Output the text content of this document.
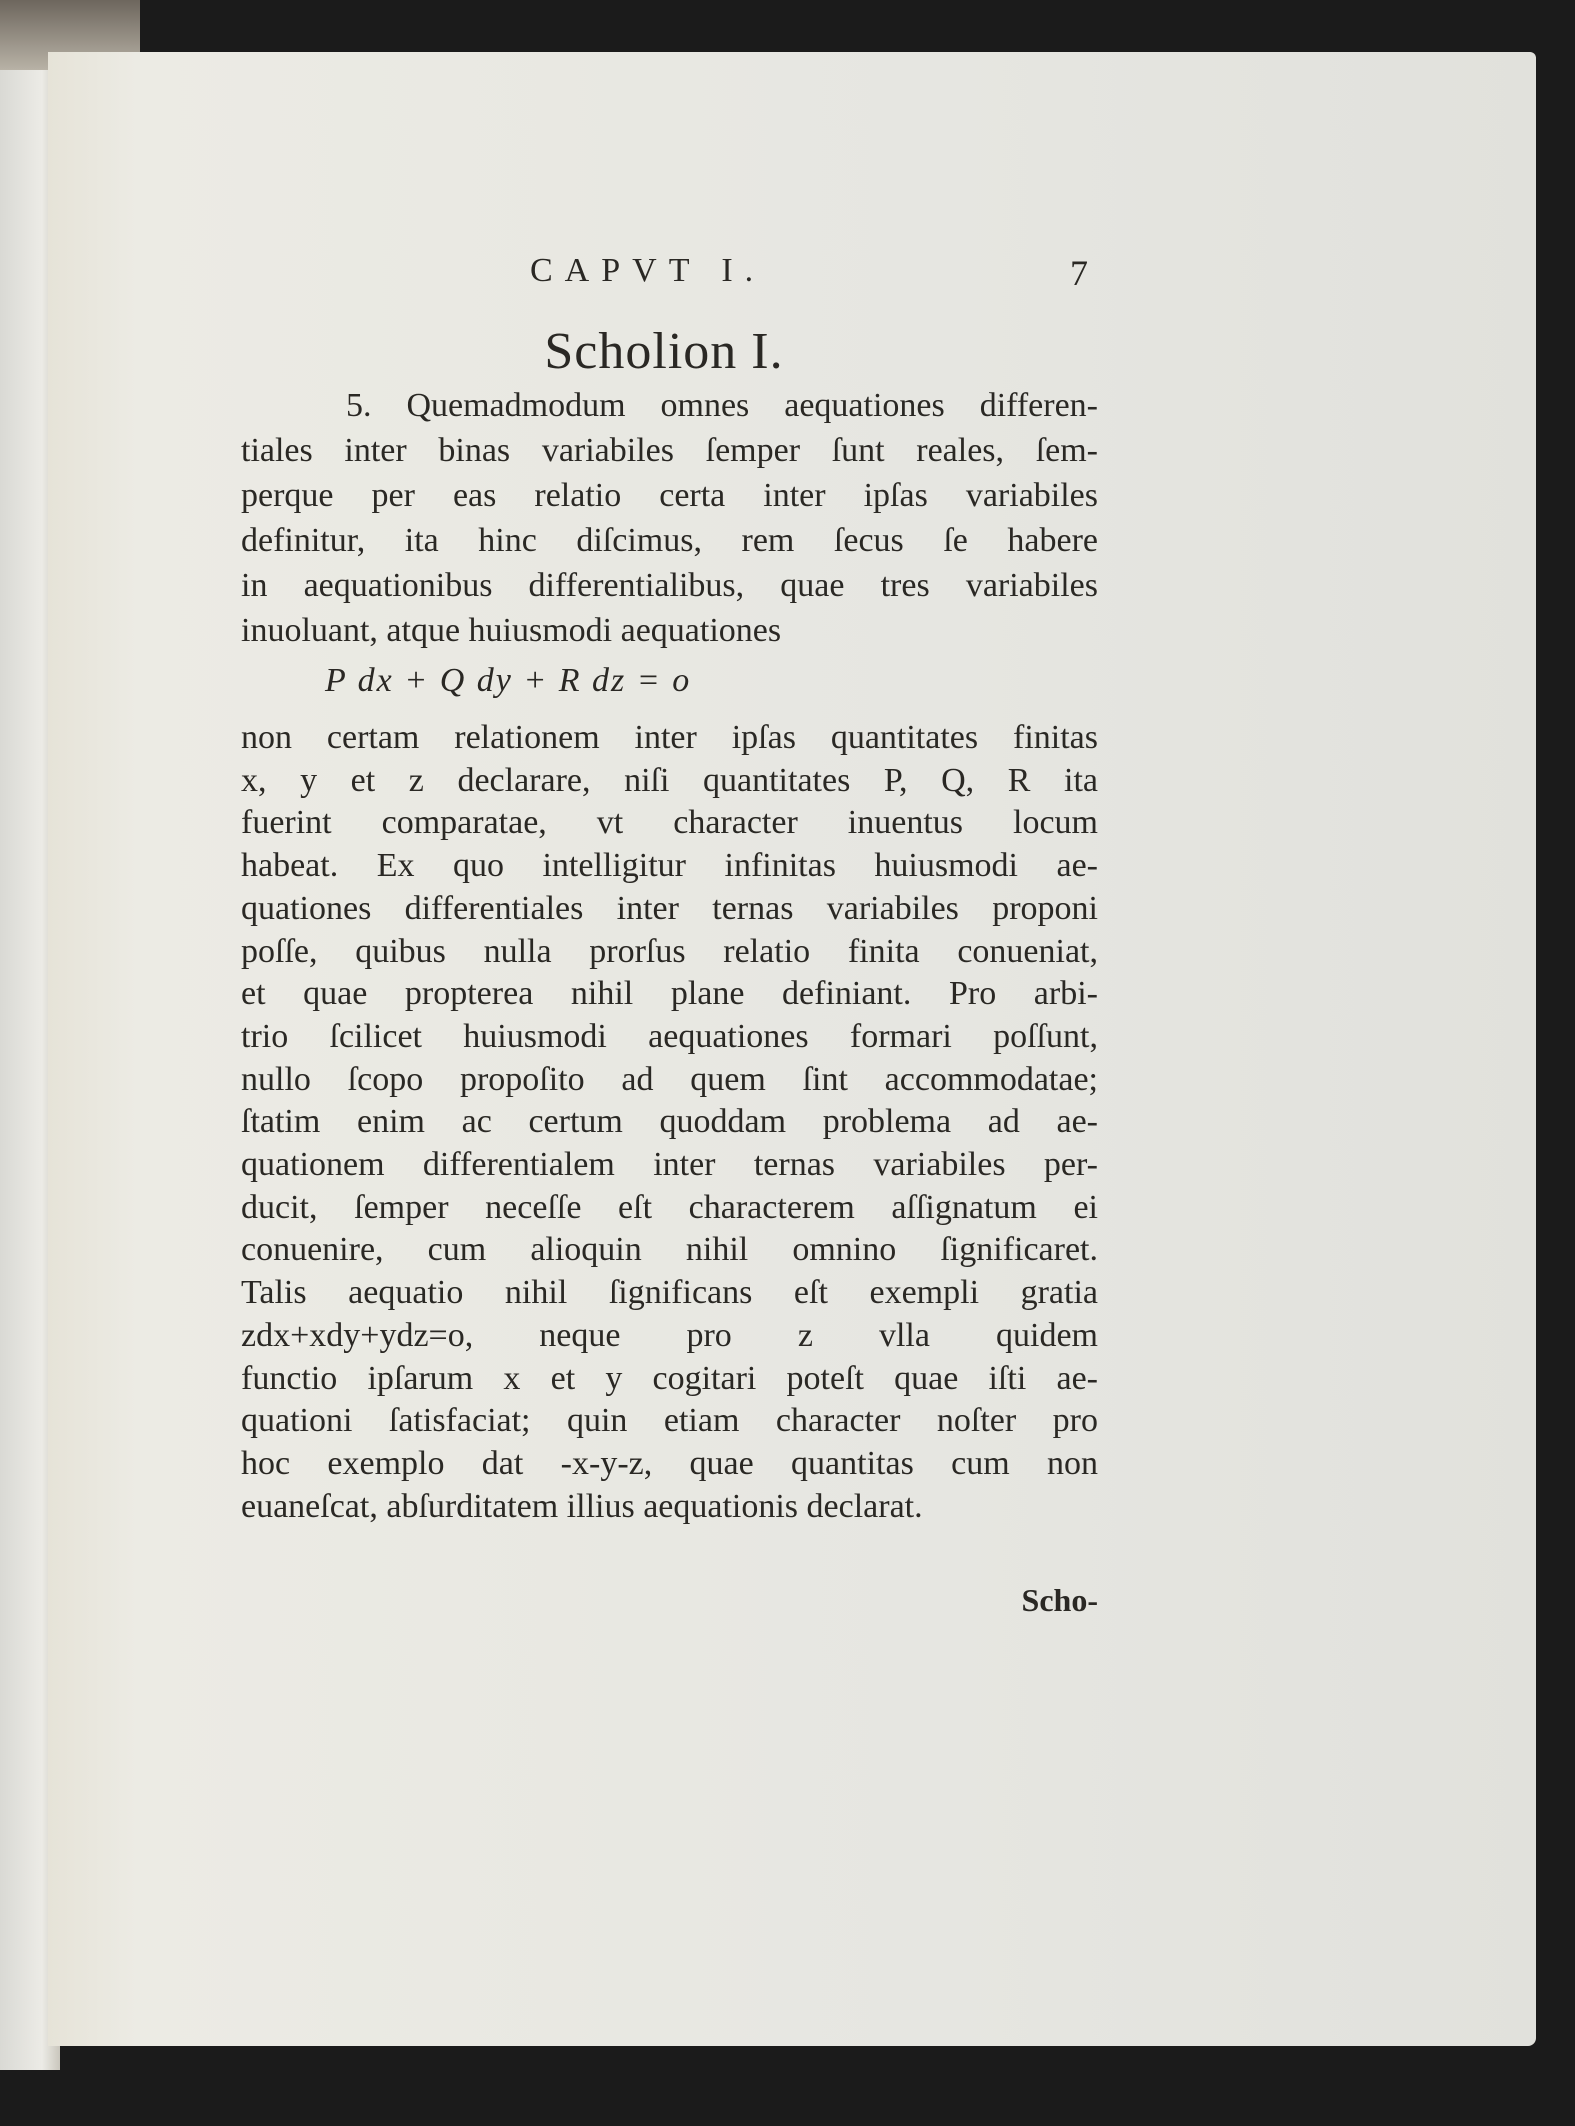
CAPVT I.	7
Scholion I.
5. Quemadmodum omnes aequationes differen-
tiales inter binas variabiles ſemper ſunt reales, ſem-
perque per eas relatio certa inter ipſas variabiles
definitur, ita hinc diſcimus, rem ſecus ſe habere
in aequationibus differentialibus, quae tres variabiles
inuoluant, atque huiusmodi aequationes
P dx + Q dy + R dz = o
non certam relationem inter ipſas quantitates finitas
x, y et z declarare, niſi quantitates P, Q, R ita
fuerint comparatae, vt character inuentus locum
habeat. Ex quo intelligitur infinitas huiusmodi ae-
quationes differentiales inter ternas variabiles proponi
poſſe, quibus nulla prorſus relatio finita conueniat,
et quae propterea nihil plane definiant. Pro arbi-
trio ſcilicet huiusmodi aequationes formari poſſunt,
nullo ſcopo propoſito ad quem ſint accommodatae;
ſtatim enim ac certum quoddam problema ad ae-
quationem differentialem inter ternas variabiles per-
ducit, ſemper neceſſe eſt characterem aſſignatum ei
conuenire, cum alioquin nihil omnino ſignificaret.
Talis aequatio nihil ſignificans eſt exempli gratia
zdx+xdy+ydz=o, neque pro z vlla quidem
functio ipſarum x et y cogitari poteſt quae iſti ae-
quationi ſatisfaciat; quin etiam character noſter pro
hoc exemplo dat -x-y-z, quae quantitas cum non
euaneſcat, abſurditatem illius aequationis declarat.
Scho-
